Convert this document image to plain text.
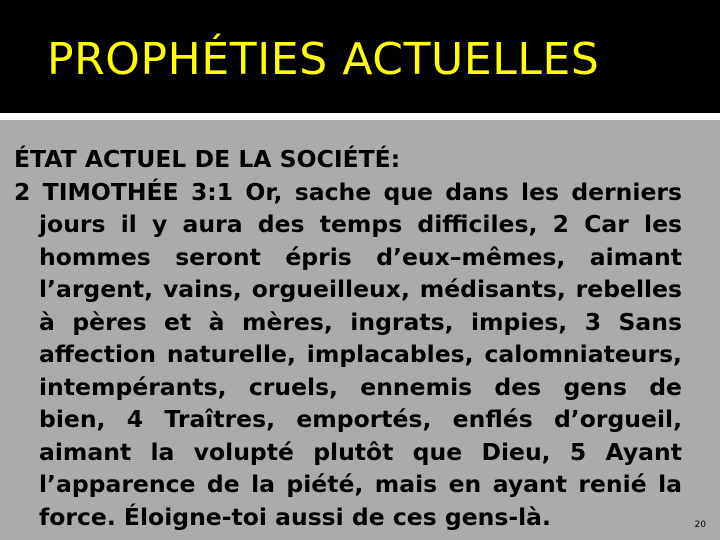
PROPHÉTIES ACTUELLES

ÉTAT ACTUEL DE LA SOCIÉTÉ:

2 TIMOTHÉE 3:1 Or, sache que dans les derniers jours il y aura des temps difficiles, 2 Car les hommes seront épris d’eux–mêmes, aimant l’argent, vains, orgueilleux, médisants, rebelles à pères et à mères, ingrats, impies, 3 Sans affection naturelle, implacables, calomniateurs, intempérants, cruels, ennemis des gens de bien, 4 Traîtres, emportés, enflés d’orgueil, aimant la volupté plutôt que Dieu, 5 Ayant l’apparence de la piété, mais en ayant renié la force. Éloigne-toi aussi de ces gens-là.	20
